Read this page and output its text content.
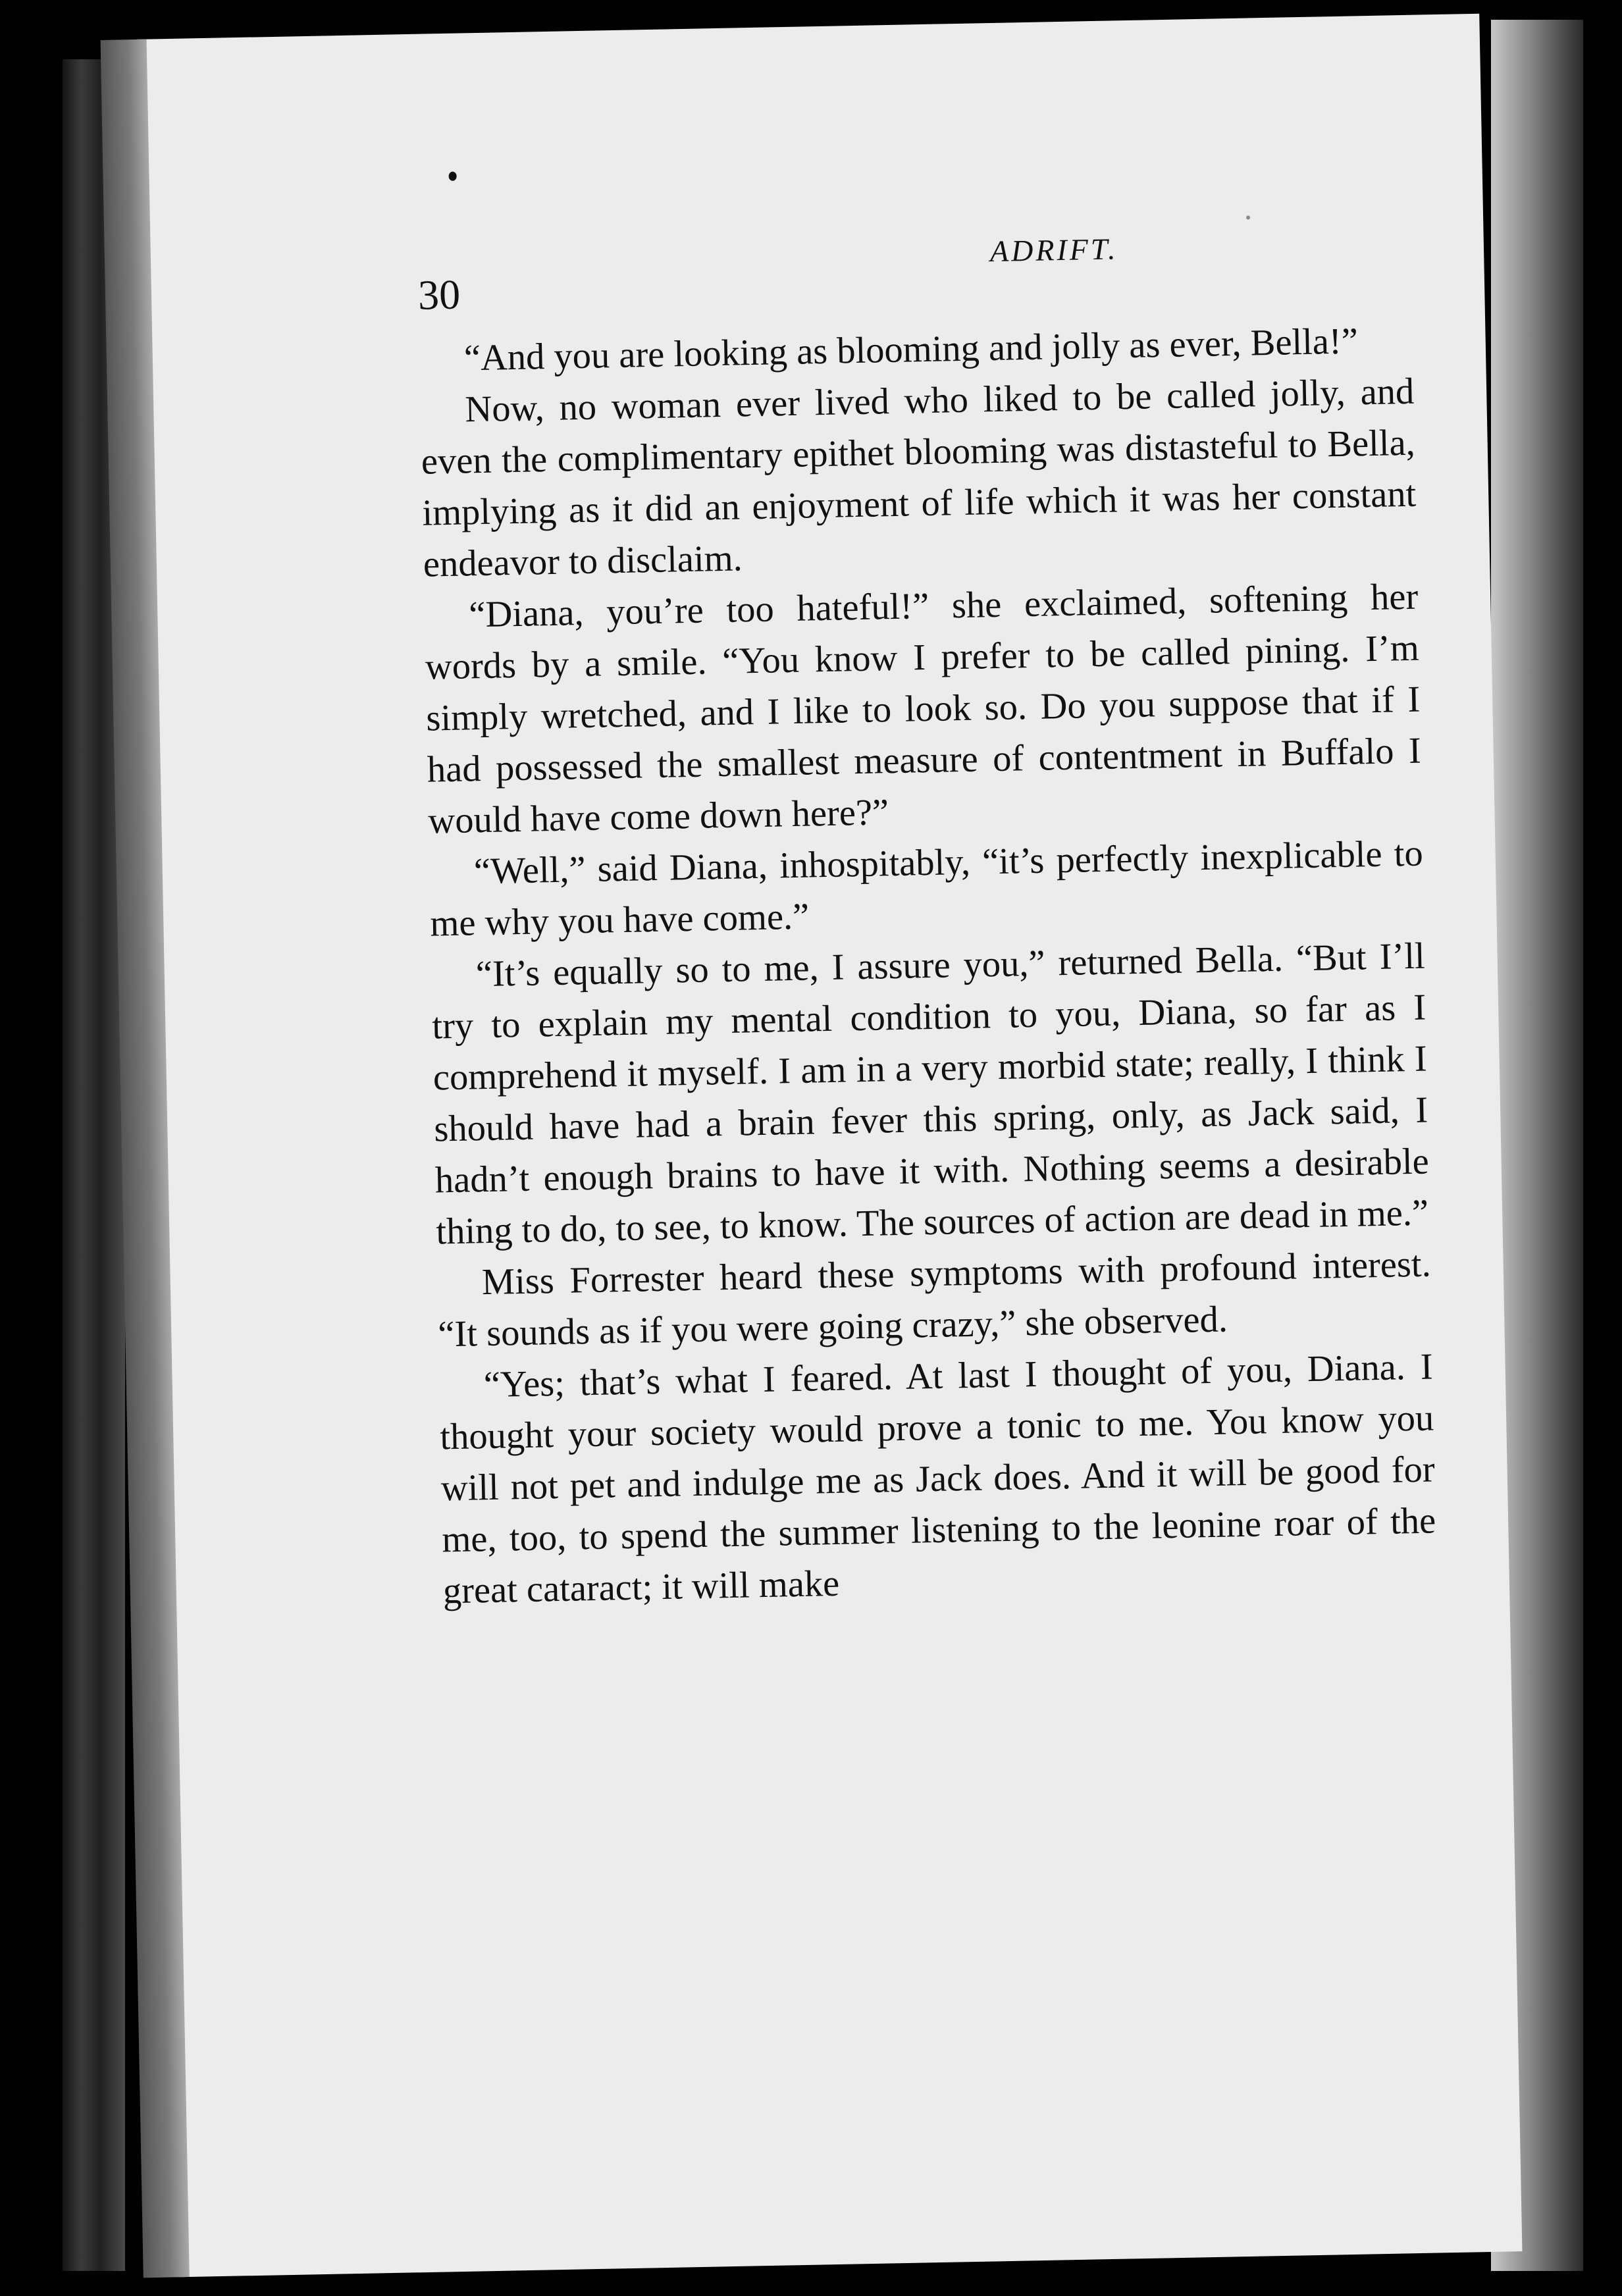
30
ADRIFT.

“And you are looking as blooming and jolly as ever, Bella!”

Now, no woman ever lived who liked to be called jolly, and even the complimentary epithet blooming was distasteful to Bella, implying as it did an enjoyment of life which it was her constant endeavor to disclaim.

“Diana, you’re too hateful!” she exclaimed, softening her words by a smile. “You know I prefer to be called pining. I’m simply wretched, and I like to look so. Do you suppose that if I had possessed the smallest measure of contentment in Buffalo I would have come down here?”

“Well,” said Diana, inhospitably, “it’s perfectly inexplicable to me why you have come.”

“It’s equally so to me, I assure you,” returned Bella. “But I’ll try to explain my mental condition to you, Diana, so far as I comprehend it myself. I am in a very morbid state; really, I think I should have had a brain fever this spring, only, as Jack said, I hadn’t enough brains to have it with. Nothing seems a desirable thing to do, to see, to know. The sources of action are dead in me.”

Miss Forrester heard these symptoms with profound interest. “It sounds as if you were going crazy,” she observed.

“Yes; that’s what I feared. At last I thought of you, Diana. I thought your society would prove a tonic to me. You know you will not pet and indulge me as Jack does. And it will be good for me, too, to spend the summer listening to the leonine roar of the great cataract; it will make
